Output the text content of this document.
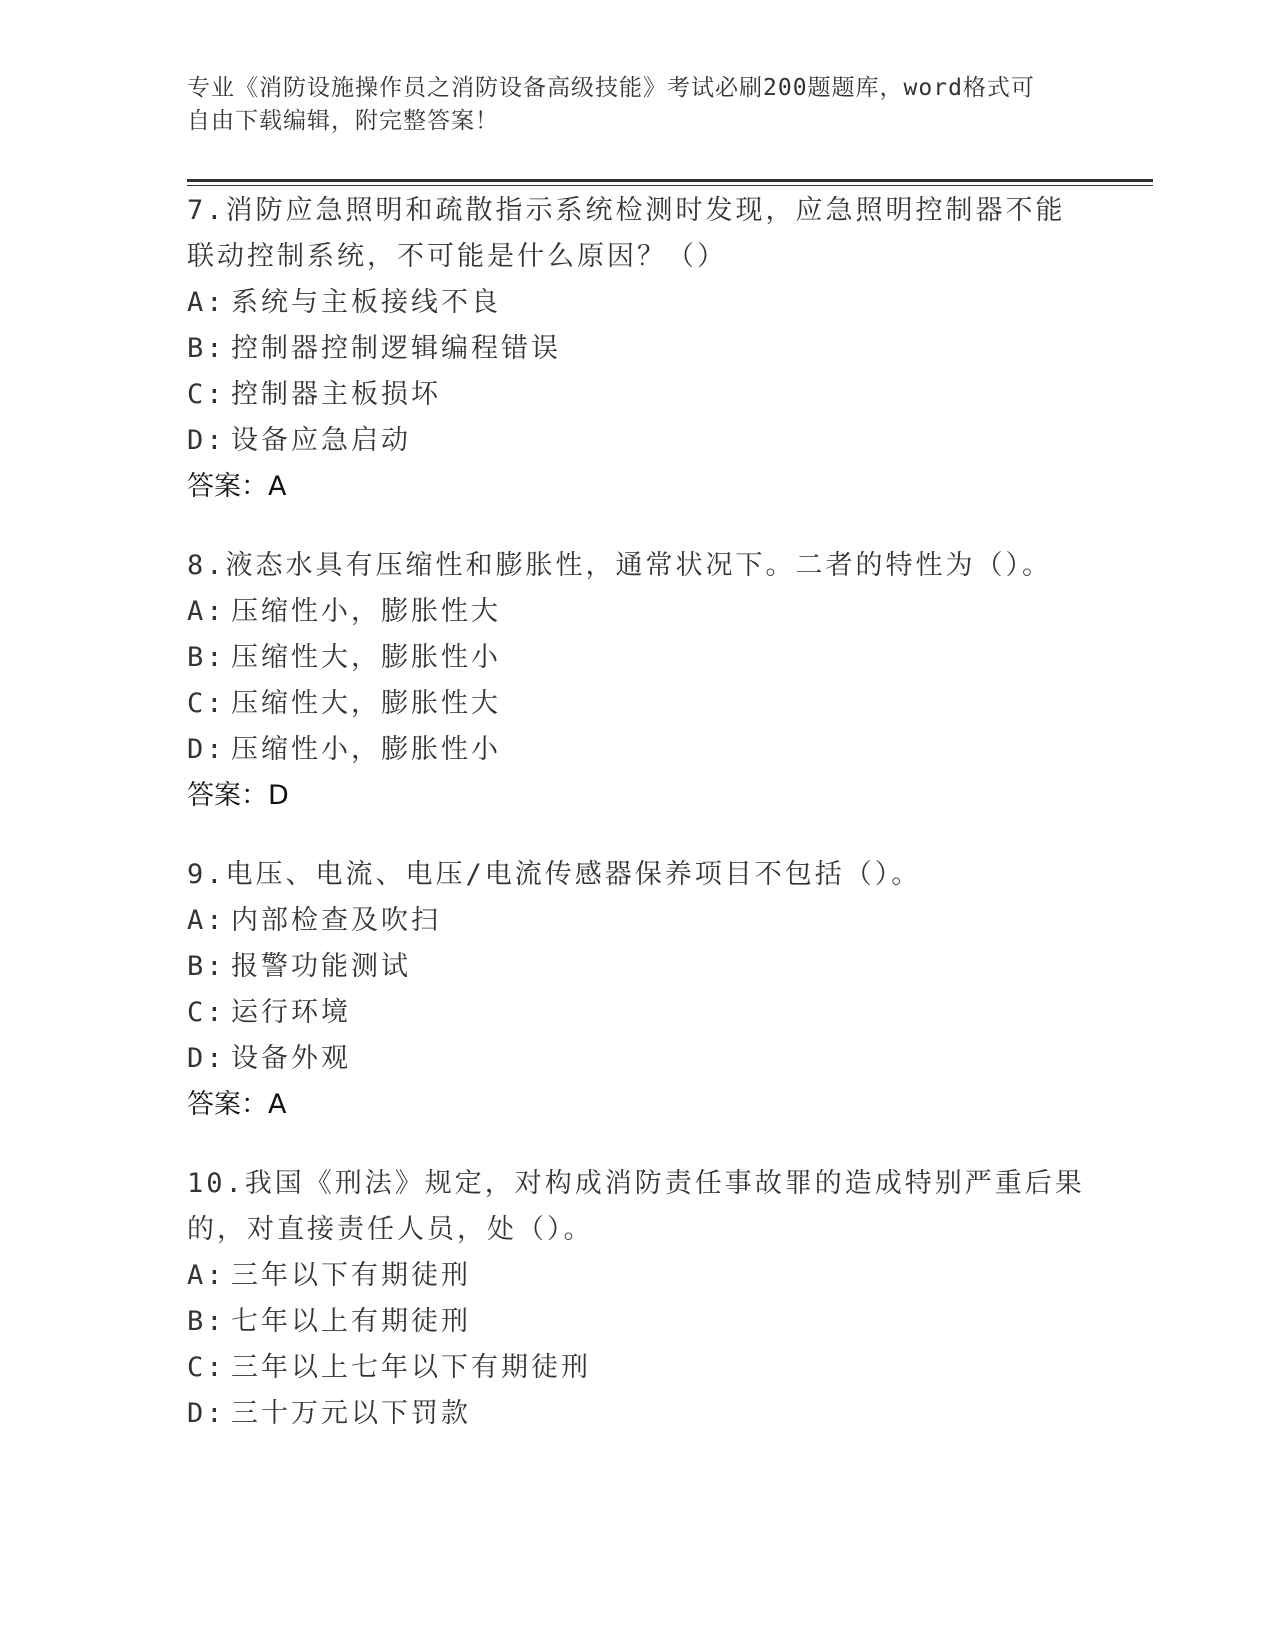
专业《消防设施操作员之消防设备高级技能》考试必刷200题题库，word格式可
自由下载编辑，附完整答案！
7.消防应急照明和疏散指示系统检测时发现，应急照明控制器不能联动控制系统，不可能是什么原因？（）
A: 系统与主板接线不良
B: 控制器控制逻辑编程错误
C: 控制器主板损坏
D: 设备应急启动
答案：A
8.液态水具有压缩性和膨胀性，通常状况下。二者的特性为（）。
A: 压缩性小，膨胀性大
B: 压缩性大，膨胀性小
C: 压缩性大，膨胀性大
D: 压缩性小，膨胀性小
答案：D
9.电压、电流、电压/电流传感器保养项目不包括（）。
A: 内部检查及吹扫
B: 报警功能测试
C: 运行环境
D: 设备外观
答案：A
10.我国《刑法》规定，对构成消防责任事故罪的造成特别严重后果的，对直接责任人员，处（）。
A: 三年以下有期徒刑
B: 七年以上有期徒刑
C: 三年以上七年以下有期徒刑
D: 三十万元以下罚款
